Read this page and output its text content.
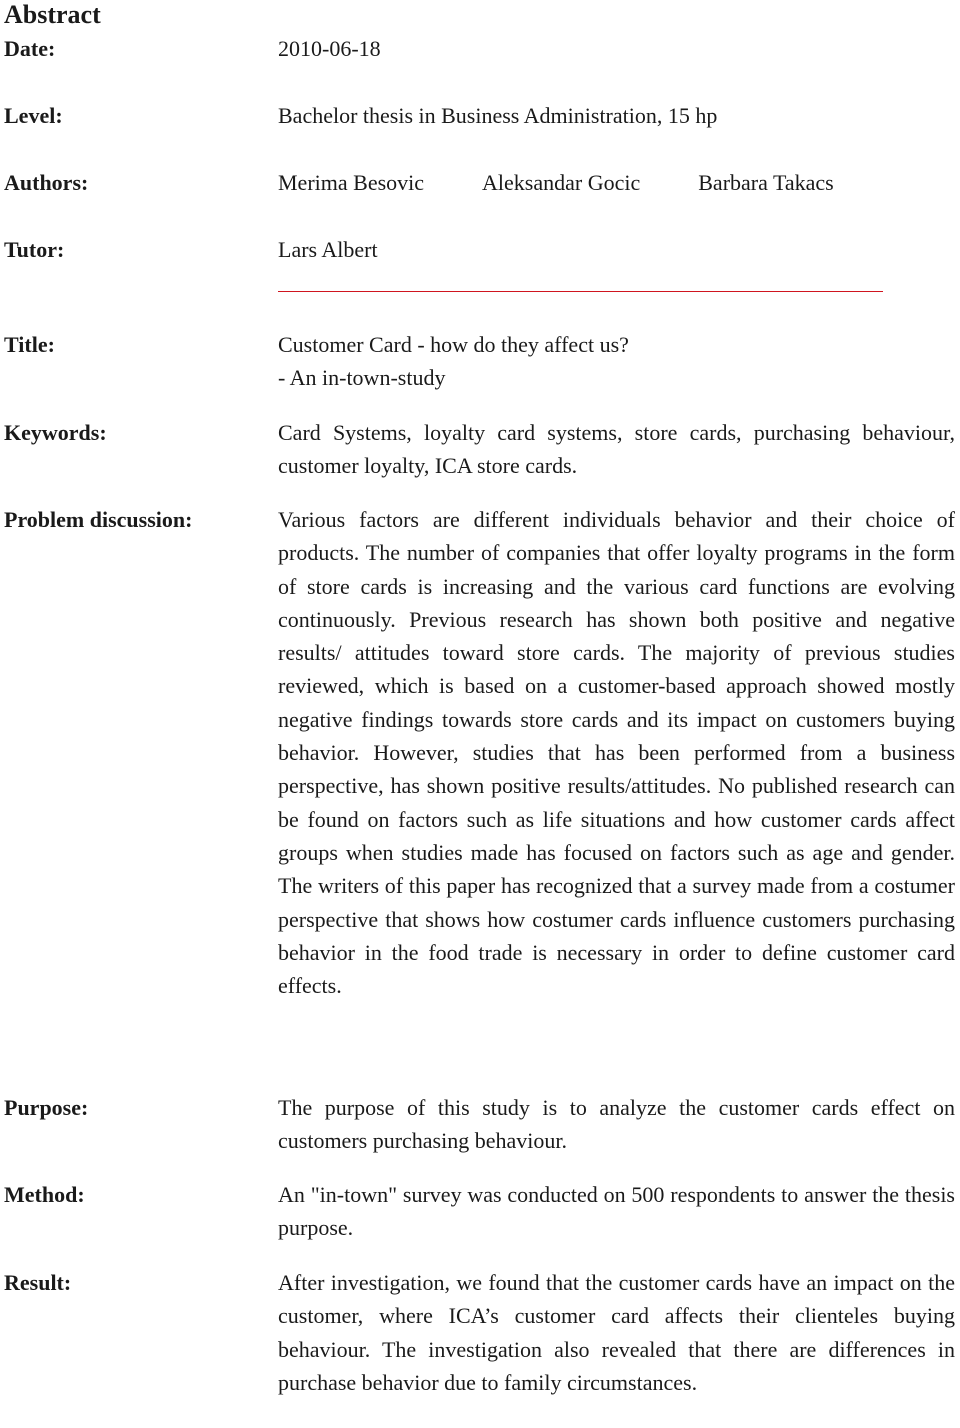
Abstract
Date:	2010-06-18
Level:	Bachelor thesis in Business Administration, 15 hp
Authors:	Merima Besovic	Aleksandar Gocic	Barbara Takacs
Tutor:	Lars Albert
Title:	Customer Card - how do they affect us?
- An in-town-study
Keywords:	Card Systems, loyalty card systems, store cards, purchasing behaviour, customer loyalty, ICA store cards.
Problem discussion:	Various factors are different individuals behavior and their choice of products. The number of companies that offer loyalty programs in the form of store cards is increasing and the various card functions are evolving continuously. Previous research has shown both positive and negative results/ attitudes toward store cards. The majority of previous studies reviewed, which is based on a customer-based approach showed mostly negative findings towards store cards and its impact on customers buying behavior. However, studies that has been performed from a business perspective, has shown positive results/attitudes. No published research can be found on factors such as life situations and how customer cards affect groups when studies made has focused on factors such as age and gender. The writers of this paper has recognized that a survey made from a costumer perspective that shows how costumer cards influence customers purchasing behavior in the food trade is necessary in order to define customer card effects.
Purpose:	The purpose of this study is to analyze the customer cards effect on customers purchasing behaviour.
Method:	An "in-town" survey was conducted on 500 respondents to answer the thesis purpose.
Result:	After investigation, we found that the customer cards have an impact on the customer, where ICA’s customer card affects their clienteles buying behaviour. The investigation also revealed that there are differences in purchase behavior due to family circumstances.
